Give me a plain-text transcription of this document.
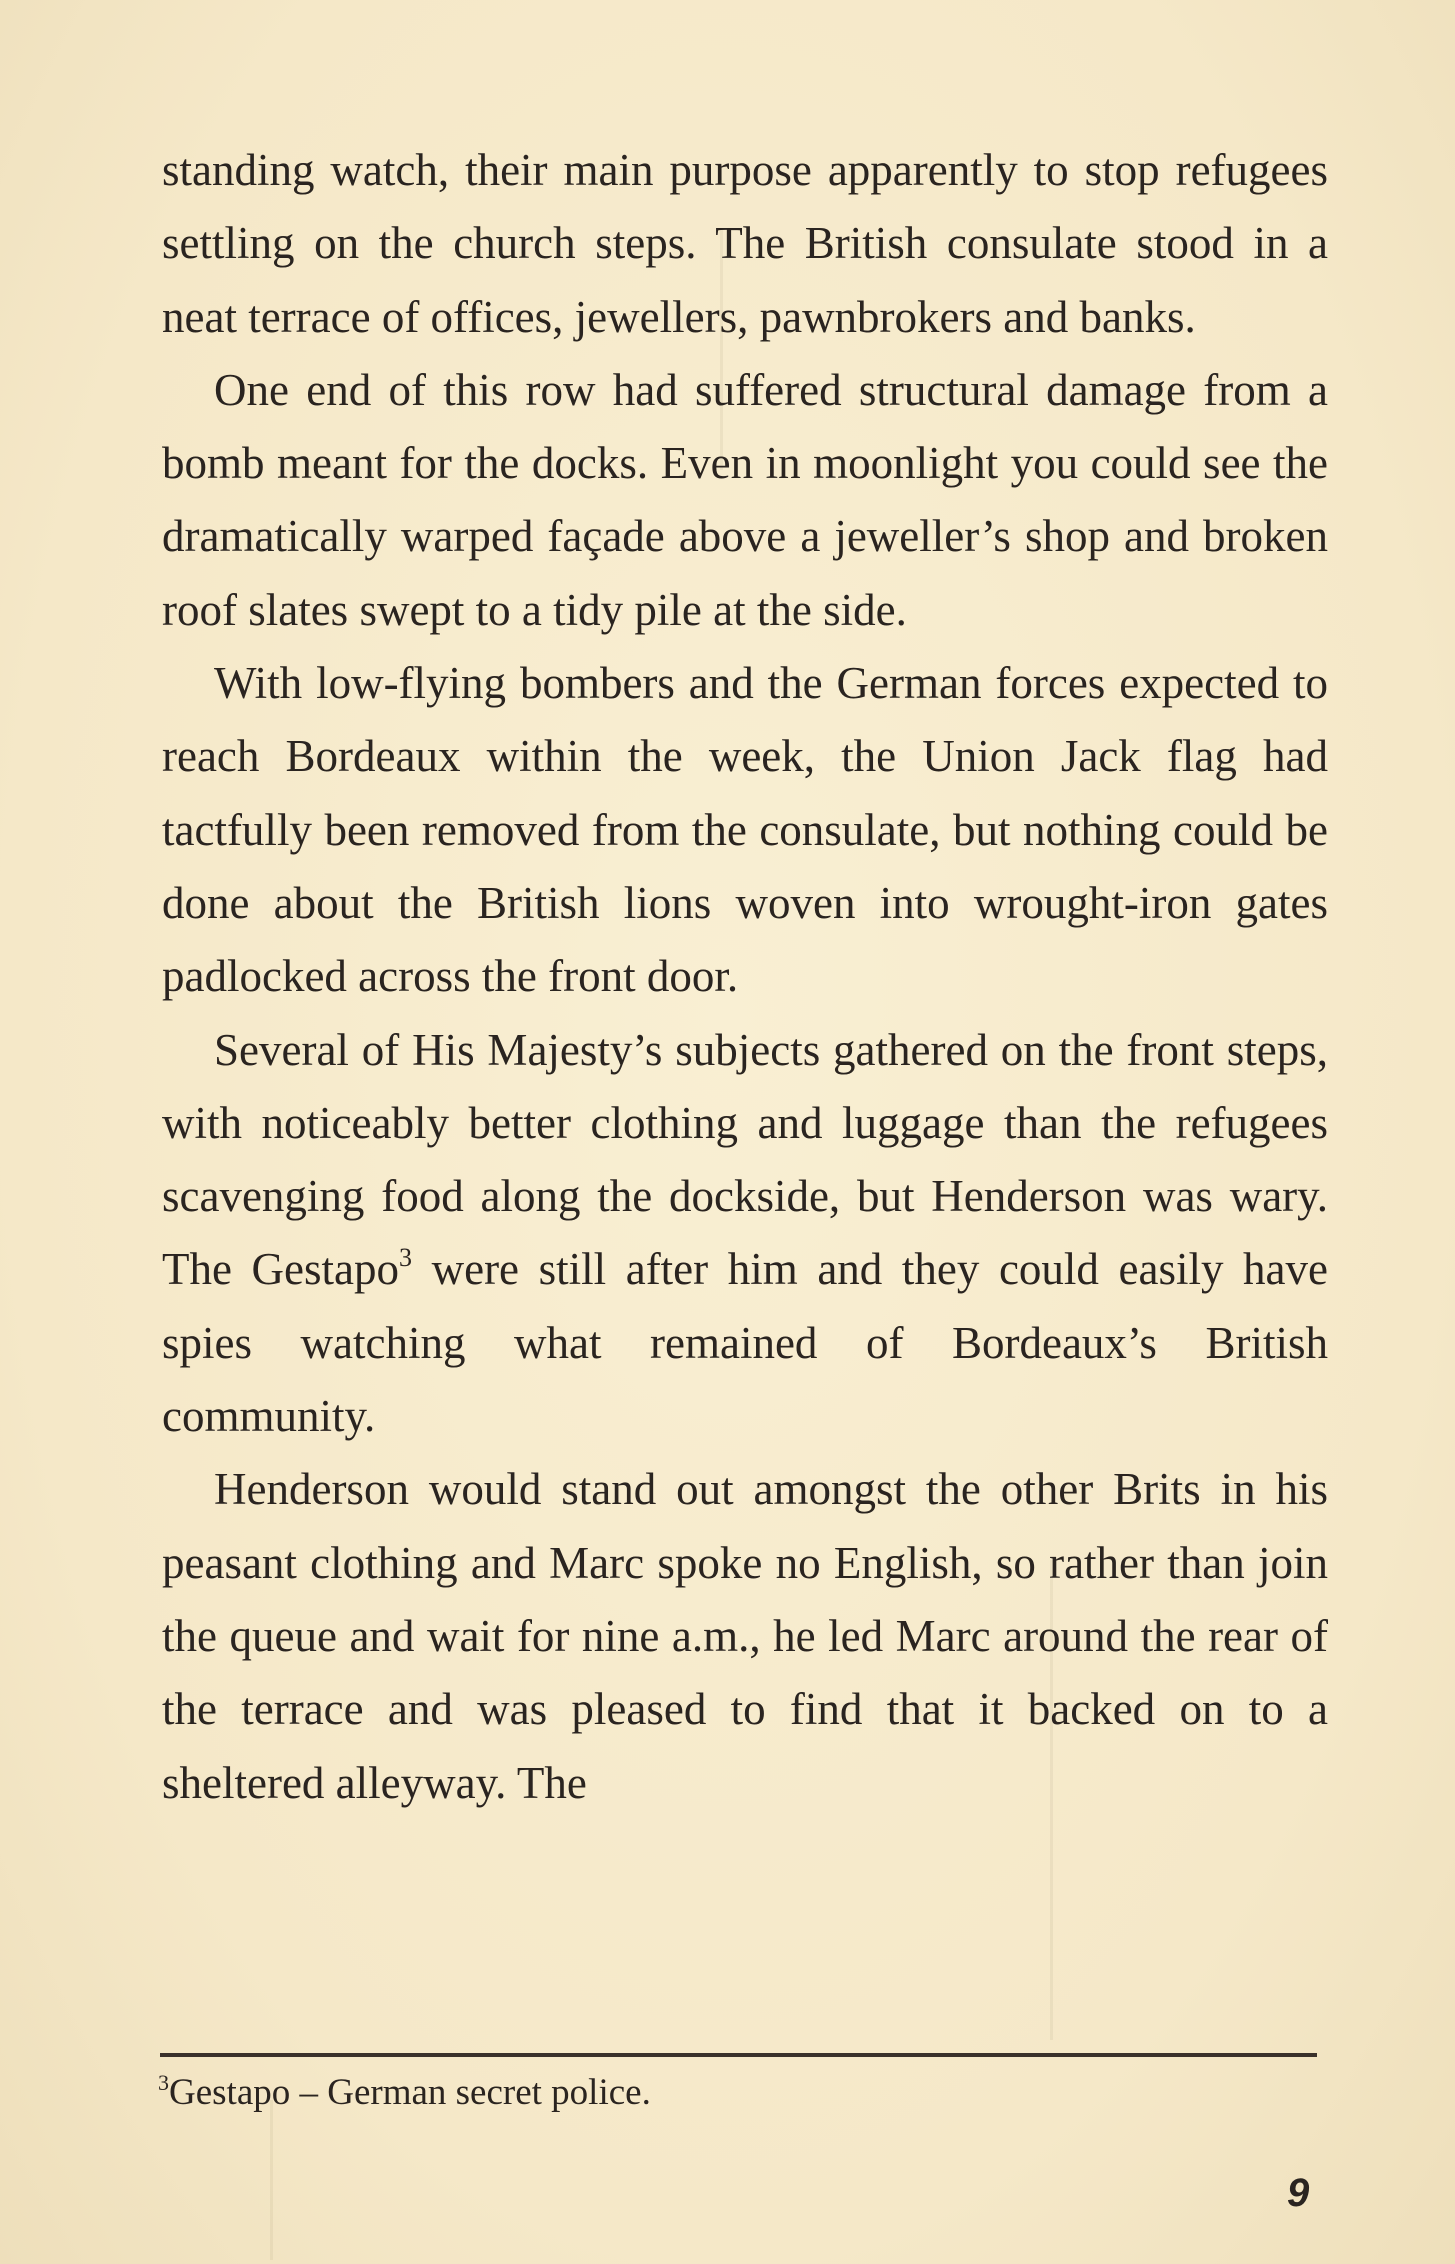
standing watch, their main purpose apparently to stop refugees settling on the church steps. The British consulate stood in a neat terrace of offices, jewellers, pawnbrokers and banks.

One end of this row had suffered structural damage from a bomb meant for the docks. Even in moonlight you could see the dramatically warped façade above a jeweller’s shop and broken roof slates swept to a tidy pile at the side.

With low-flying bombers and the German forces expected to reach Bordeaux within the week, the Union Jack flag had tactfully been removed from the consulate, but nothing could be done about the British lions woven into wrought-iron gates padlocked across the front door.

Several of His Majesty’s subjects gathered on the front steps, with noticeably better clothing and luggage than the refugees scavenging food along the dockside, but Henderson was wary. The Gestapo$^3$ were still after him and they could easily have spies watching what remained of Bordeaux’s British community.

Henderson would stand out amongst the other Brits in his peasant clothing and Marc spoke no English, so rather than join the queue and wait for nine a.m., he led Marc around the rear of the terrace and was pleased to find that it backed on to a sheltered alleyway. The

$^3$Gestapo – German secret police.
9
